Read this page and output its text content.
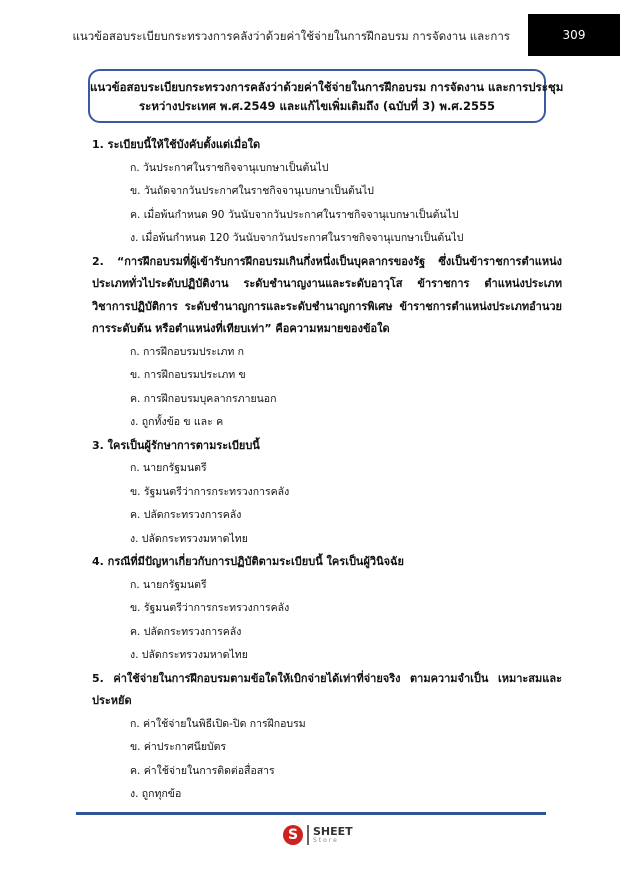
แนวข้อสอบระเบียบกระทรวงการคลังว่าด้วยค่าใช้จ่ายในการฝึกอบรม การจัดงาน และการ	309
แนวข้อสอบระเบียบกระทรวงการคลังว่าด้วยค่าใช้จ่ายในการฝึกอบรม การจัดงาน และการประชุม
ระหว่างประเทศ พ.ศ.2549 และแก้ไขเพิ่มเติมถึง (ฉบับที่ 3) พ.ศ.2555

1. ระเบียบนี้ให้ใช้บังคับตั้งแต่เมื่อใด

ก. วันประกาศในราชกิจจานุเบกษาเป็นต้นไป

ข. วันถัดจากวันประกาศในราชกิจจานุเบกษาเป็นต้นไป

ค. เมื่อพ้นกำหนด 90 วันนับจากวันประกาศในราชกิจจานุเบกษาเป็นต้นไป

ง. เมื่อพ้นกำหนด 120 วันนับจากวันประกาศในราชกิจจานุเบกษาเป็นต้นไป

2. “การฝึกอบรมที่ผู้เข้ารับการฝึกอบรมเกินกึ่งหนึ่งเป็นบุคลากรของรัฐ ซึ่งเป็นข้าราชการตำแหน่งประเภททั่วไประดับปฏิบัติงาน ระดับชำนาญงานและระดับอาวุโส ข้าราชการ ตำแหน่งประเภทวิชาการปฏิบัติการ ระดับชำนาญการและระดับชำนาญการพิเศษ ข้าราชการตำแหน่งประเภทอำนวยการระดับต้น หรือตำแหน่งที่เทียบเท่า” คือความหมายของข้อใด

ก. การฝึกอบรมประเภท ก

ข. การฝึกอบรมประเภท ข

ค. การฝึกอบรมบุคลากรภายนอก

ง. ถูกทั้งข้อ ข และ ค

3. ใครเป็นผู้รักษาการตามระเบียบนี้

ก. นายกรัฐมนตรี

ข. รัฐมนตรีว่าการกระทรวงการคลัง

ค. ปลัดกระทรวงการคลัง

ง. ปลัดกระทรวงมหาดไทย

4. กรณีที่มีปัญหาเกี่ยวกับการปฏิบัติตามระเบียบนี้ ใครเป็นผู้วินิจฉัย

ก. นายกรัฐมนตรี

ข. รัฐมนตรีว่าการกระทรวงการคลัง

ค. ปลัดกระทรวงการคลัง

ง. ปลัดกระทรวงมหาดไทย

5. ค่าใช้จ่ายในการฝึกอบรมตามข้อใดให้เบิกจ่ายได้เท่าที่จ่ายจริง ตามความจำเป็น เหมาะสมและประหยัด

ก. ค่าใช้จ่ายในพิธีเปิด-ปิด การฝึกอบรม

ข. ค่าประกาศนียบัตร

ค. ค่าใช้จ่ายในการติดต่อสื่อสาร

ง. ถูกทุกข้อ

S	SHEET
Store
